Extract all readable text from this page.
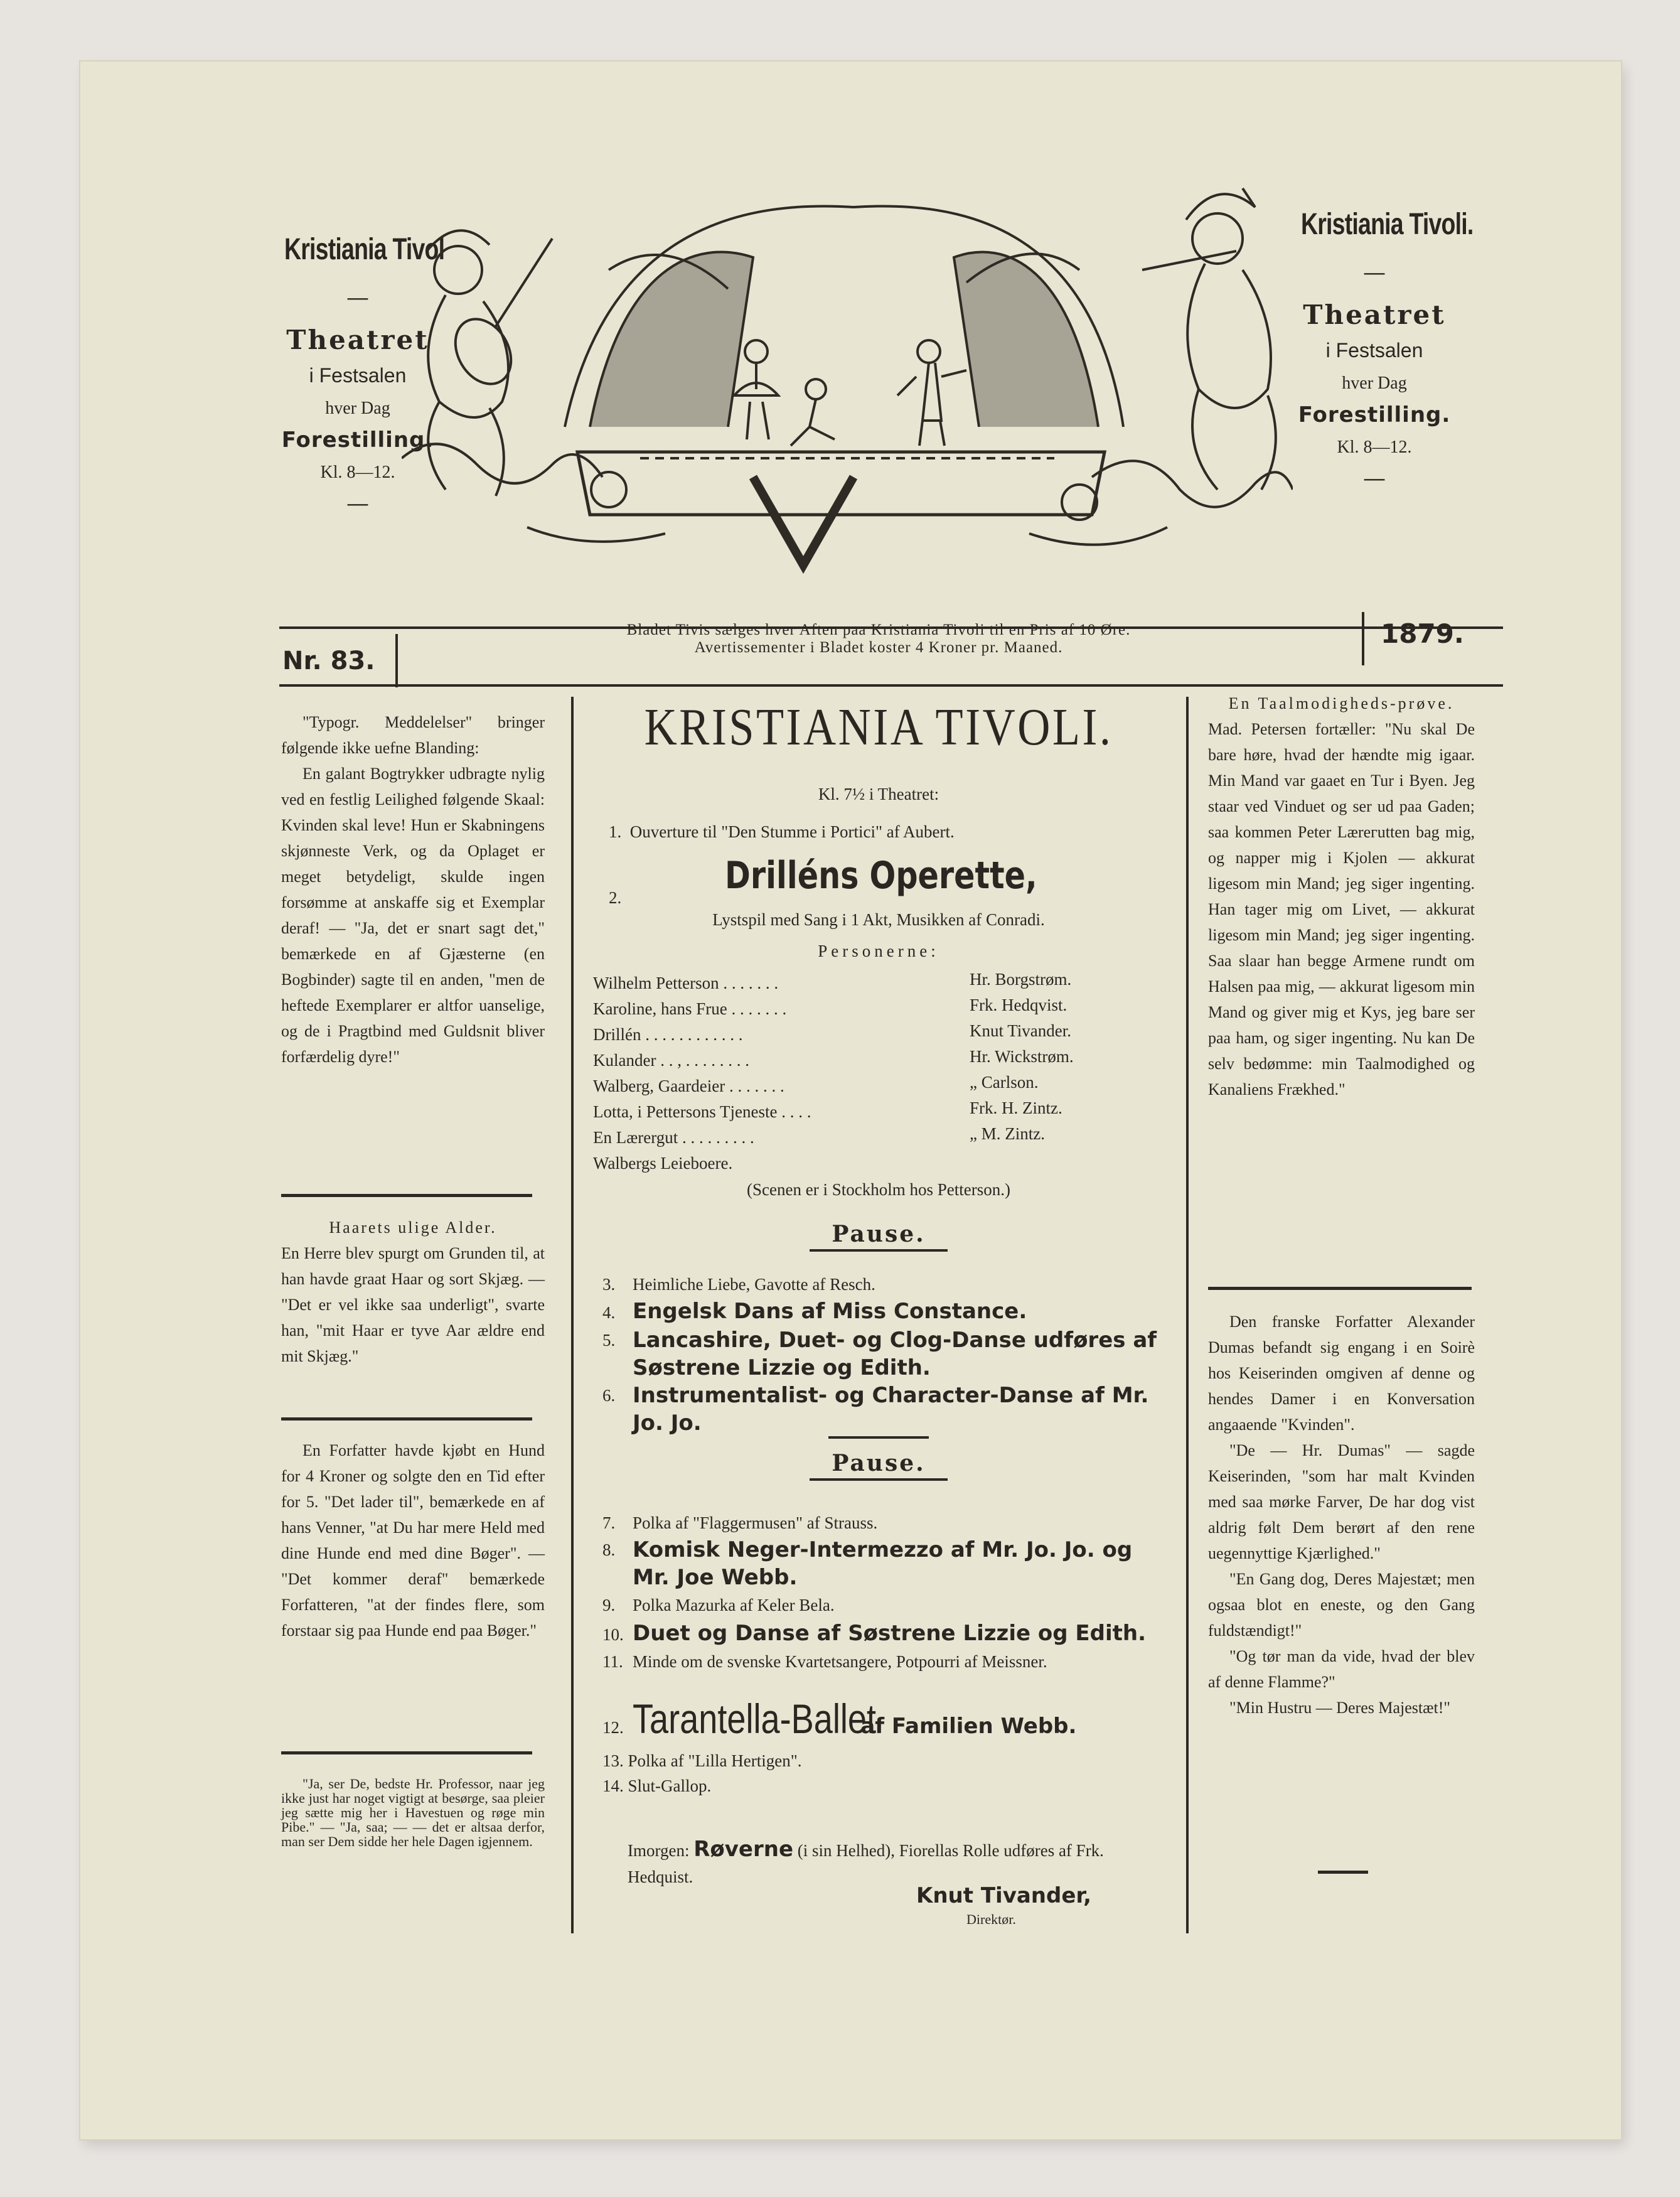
Kristiania Tivol
—
Theatret
i Festsalen
hver Dag
Forestilling.
Kl. 8—12.
—
Kristiania Tivoli.
—
Theatret
i Festsalen
hver Dag
Forestilling.
Kl. 8—12.
—
Nr. 83.
Bladet Tivis sælges hver Aften paa Kristiania Tivoli til en Pris af 10 Øre.
Avertissementer i Bladet koster 4 Kroner pr. Maaned.	1879.

"Typogr. Meddelelser" bringer følgende ikke uefne Blanding:

En galant Bogtrykker udbragte nylig ved en festlig Leilighed følgende Skaal: Kvinden skal leve! Hun er Skabningens skjønneste Verk, og da Oplaget er meget betydeligt, skulde ingen forsømme at anskaffe sig et Exemplar deraf! — "Ja, det er snart sagt det," bemærkede en af Gjæsterne (en Bogbinder) sagte til en anden, "men de heftede Exemplarer er altfor uanselige, og de i Pragtbind med Guldsnit bliver forfærdelig dyre!"

Haarets ulige Alder.

En Herre blev spurgt om Grunden til, at han havde graat Haar og sort Skjæg. — "Det er vel ikke saa underligt", svarte han, "mit Haar er tyve Aar ældre end mit Skjæg."

En Forfatter havde kjøbt en Hund for 4 Kroner og solgte den en Tid efter for 5. "Det lader til", bemærkede en af hans Venner, "at Du har mere Held med dine Hunde end med dine Bøger". — "Det kommer deraf" bemærkede Forfatteren, "at der findes flere, som forstaar sig paa Hunde end paa Bøger."

"Ja, ser De, bedste Hr. Professor, naar jeg ikke just har noget vigtigt at besørge, saa pleier jeg sætte mig her i Havestuen og røge min Pibe." — "Ja, saa; — — det er altsaa derfor, man ser Dem sidde her hele Dagen igjennem.

KRISTIANIA TIVOLI.
Kl. 7½ i Theatret:
1.  Ouverture til "Den Stumme i Portici" af Aubert.
2.	Drilléns Operette,
Lystspil med Sang i 1 Akt, Musikken af Conradi.
Personerne:
Wilhelm Petterson . . . . . . .
Karoline, hans Frue . . . . . . .
Drillén . . . . . . . . . . . .
Kulander . . , . . . . . . . .
Walberg, Gaardeier . . . . . . .
Lotta, i Pettersons Tjeneste . . . .
En Lærergut . . . . . . . . .
Walbergs Leieboere.
Hr. Borgstrøm.
Frk. Hedqvist.
Knut Tivander.
Hr. Wickstrøm.
„ Carlson.
Frk. H. Zintz.
„ M. Zintz.
(Scenen er i Stockholm hos Petterson.)
Pause.
3. Heimliche Liebe, Gavotte af Resch.
4. Engelsk Dans af Miss Constance.
5. Lancashire, Duet- og Clog-Danse udføres af Søstrene Lizzie og Edith.
6. Instrumentalist- og Character-Danse af Mr. Jo. Jo.
Pause.
7. Polka af "Flaggermusen" af Strauss.
8. Komisk Neger-Intermezzo af Mr. Jo. Jo. og Mr. Joe Webb.
9. Polka Mazurka af Keler Bela.
10. Duet og Danse af Søstrene Lizzie og Edith.
11. Minde om de svenske Kvartetsangere, Potpourri af Meissner.
12. Tarantella-Balletaf Familien Webb.
13. Polka af "Lilla Hertigen".
14. Slut-Gallop.
Imorgen: Røverne (i sin Helhed), Fiorellas Rolle udføres af Frk. Hedquist.
Knut Tivander,
Direktør.

En Taalmodigheds-prøve.

Mad. Petersen fortæller: "Nu skal De bare høre, hvad der hændte mig igaar. Min Mand var gaaet en Tur i Byen. Jeg staar ved Vinduet og ser ud paa Gaden; saa kommen Peter Lærегutten bag mig, og napper mig i Kjolen — akkurat ligesom min Mand; jeg siger ingenting. Han tager mig om Livet, — akkurat ligesom min Mand; jeg siger ingenting. Saa slaar han begge Armene rundt om Halsen paa mig, — akkurat ligesom min Mand og giver mig et Kys, jeg bare ser paa ham, og siger ingenting. Nu kan De selv bedømme: min Taalmodighed og Kanaliens Frækhed."

Den franske Forfatter Alexander Dumas befandt sig engang i en Soirè hos Keiserinden omgiven af denne og hendes Damer i en Konversation angaaende "Kvinden".

"De — Hr. Dumas" — sagde Keiserinden, "som har malt Kvinden med saa mørke Farver, De har dog vist aldrig følt Dem berørt af den rene uegennyttige Kjærlighed."

"En Gang dog, Deres Majestæt; men ogsaa blot en eneste, og den Gang fuldstændigt!"

"Og tør man da vide, hvad der blev af denne Flamme?"

"Min Hustru — Deres Majestæt!"
